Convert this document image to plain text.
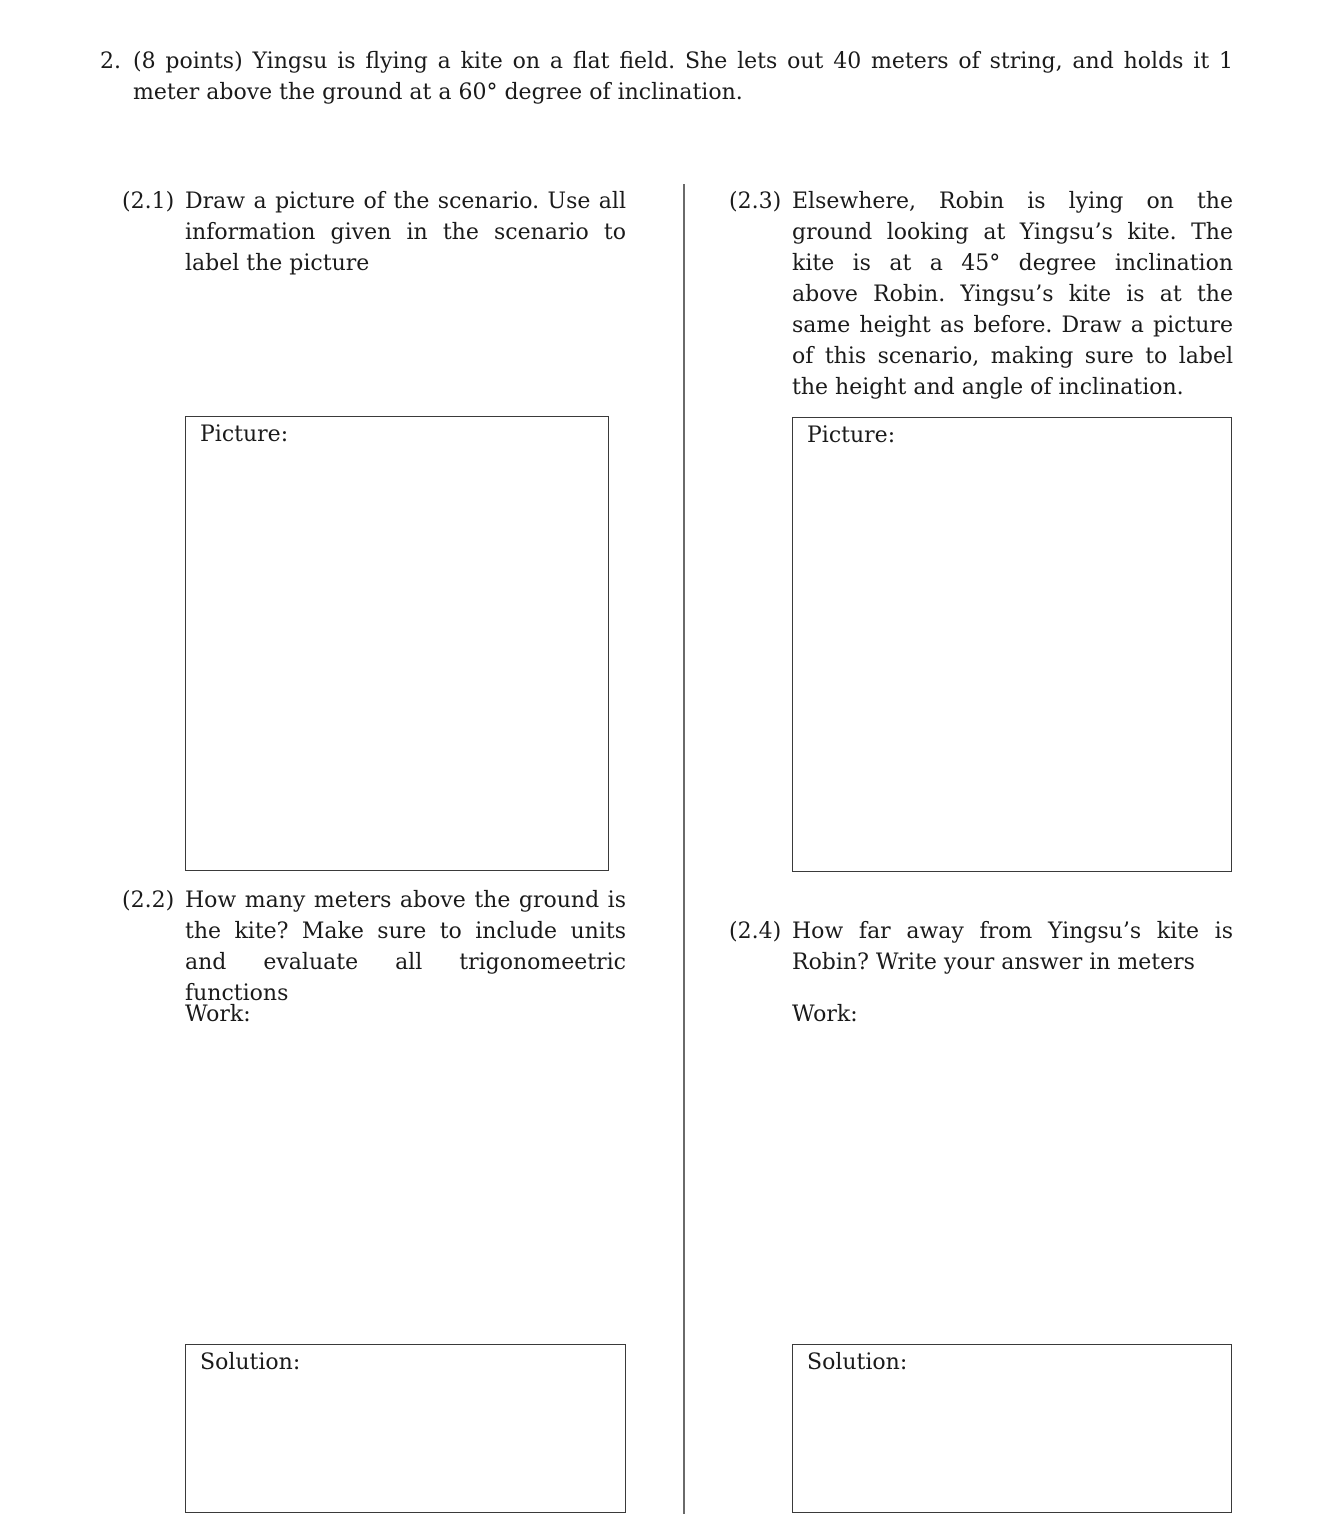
2. (8 points) Yingsu is flying a kite on a flat field. She lets out 40 meters of string, and holds it 1 meter above the ground at a 60° degree of inclination.

(2.1) Draw a picture of the scenario. Use all information given in the scenario to label the picture

Picture:
(2.2) How many meters above the ground is the kite? Make sure to include units and evaluate all trigonomeetric functions

Work:
Solution:
(2.3) Elsewhere, Robin is lying on the ground looking at Yingsu’s kite. The kite is at a 45° degree inclination above Robin. Yingsu’s kite is at the same height as before. Draw a picture of this scenario, making sure to label the height and angle of inclination.

Picture:
(2.4) How far away from Yingsu’s kite is Robin? Write your answer in meters

Work:
Solution:
